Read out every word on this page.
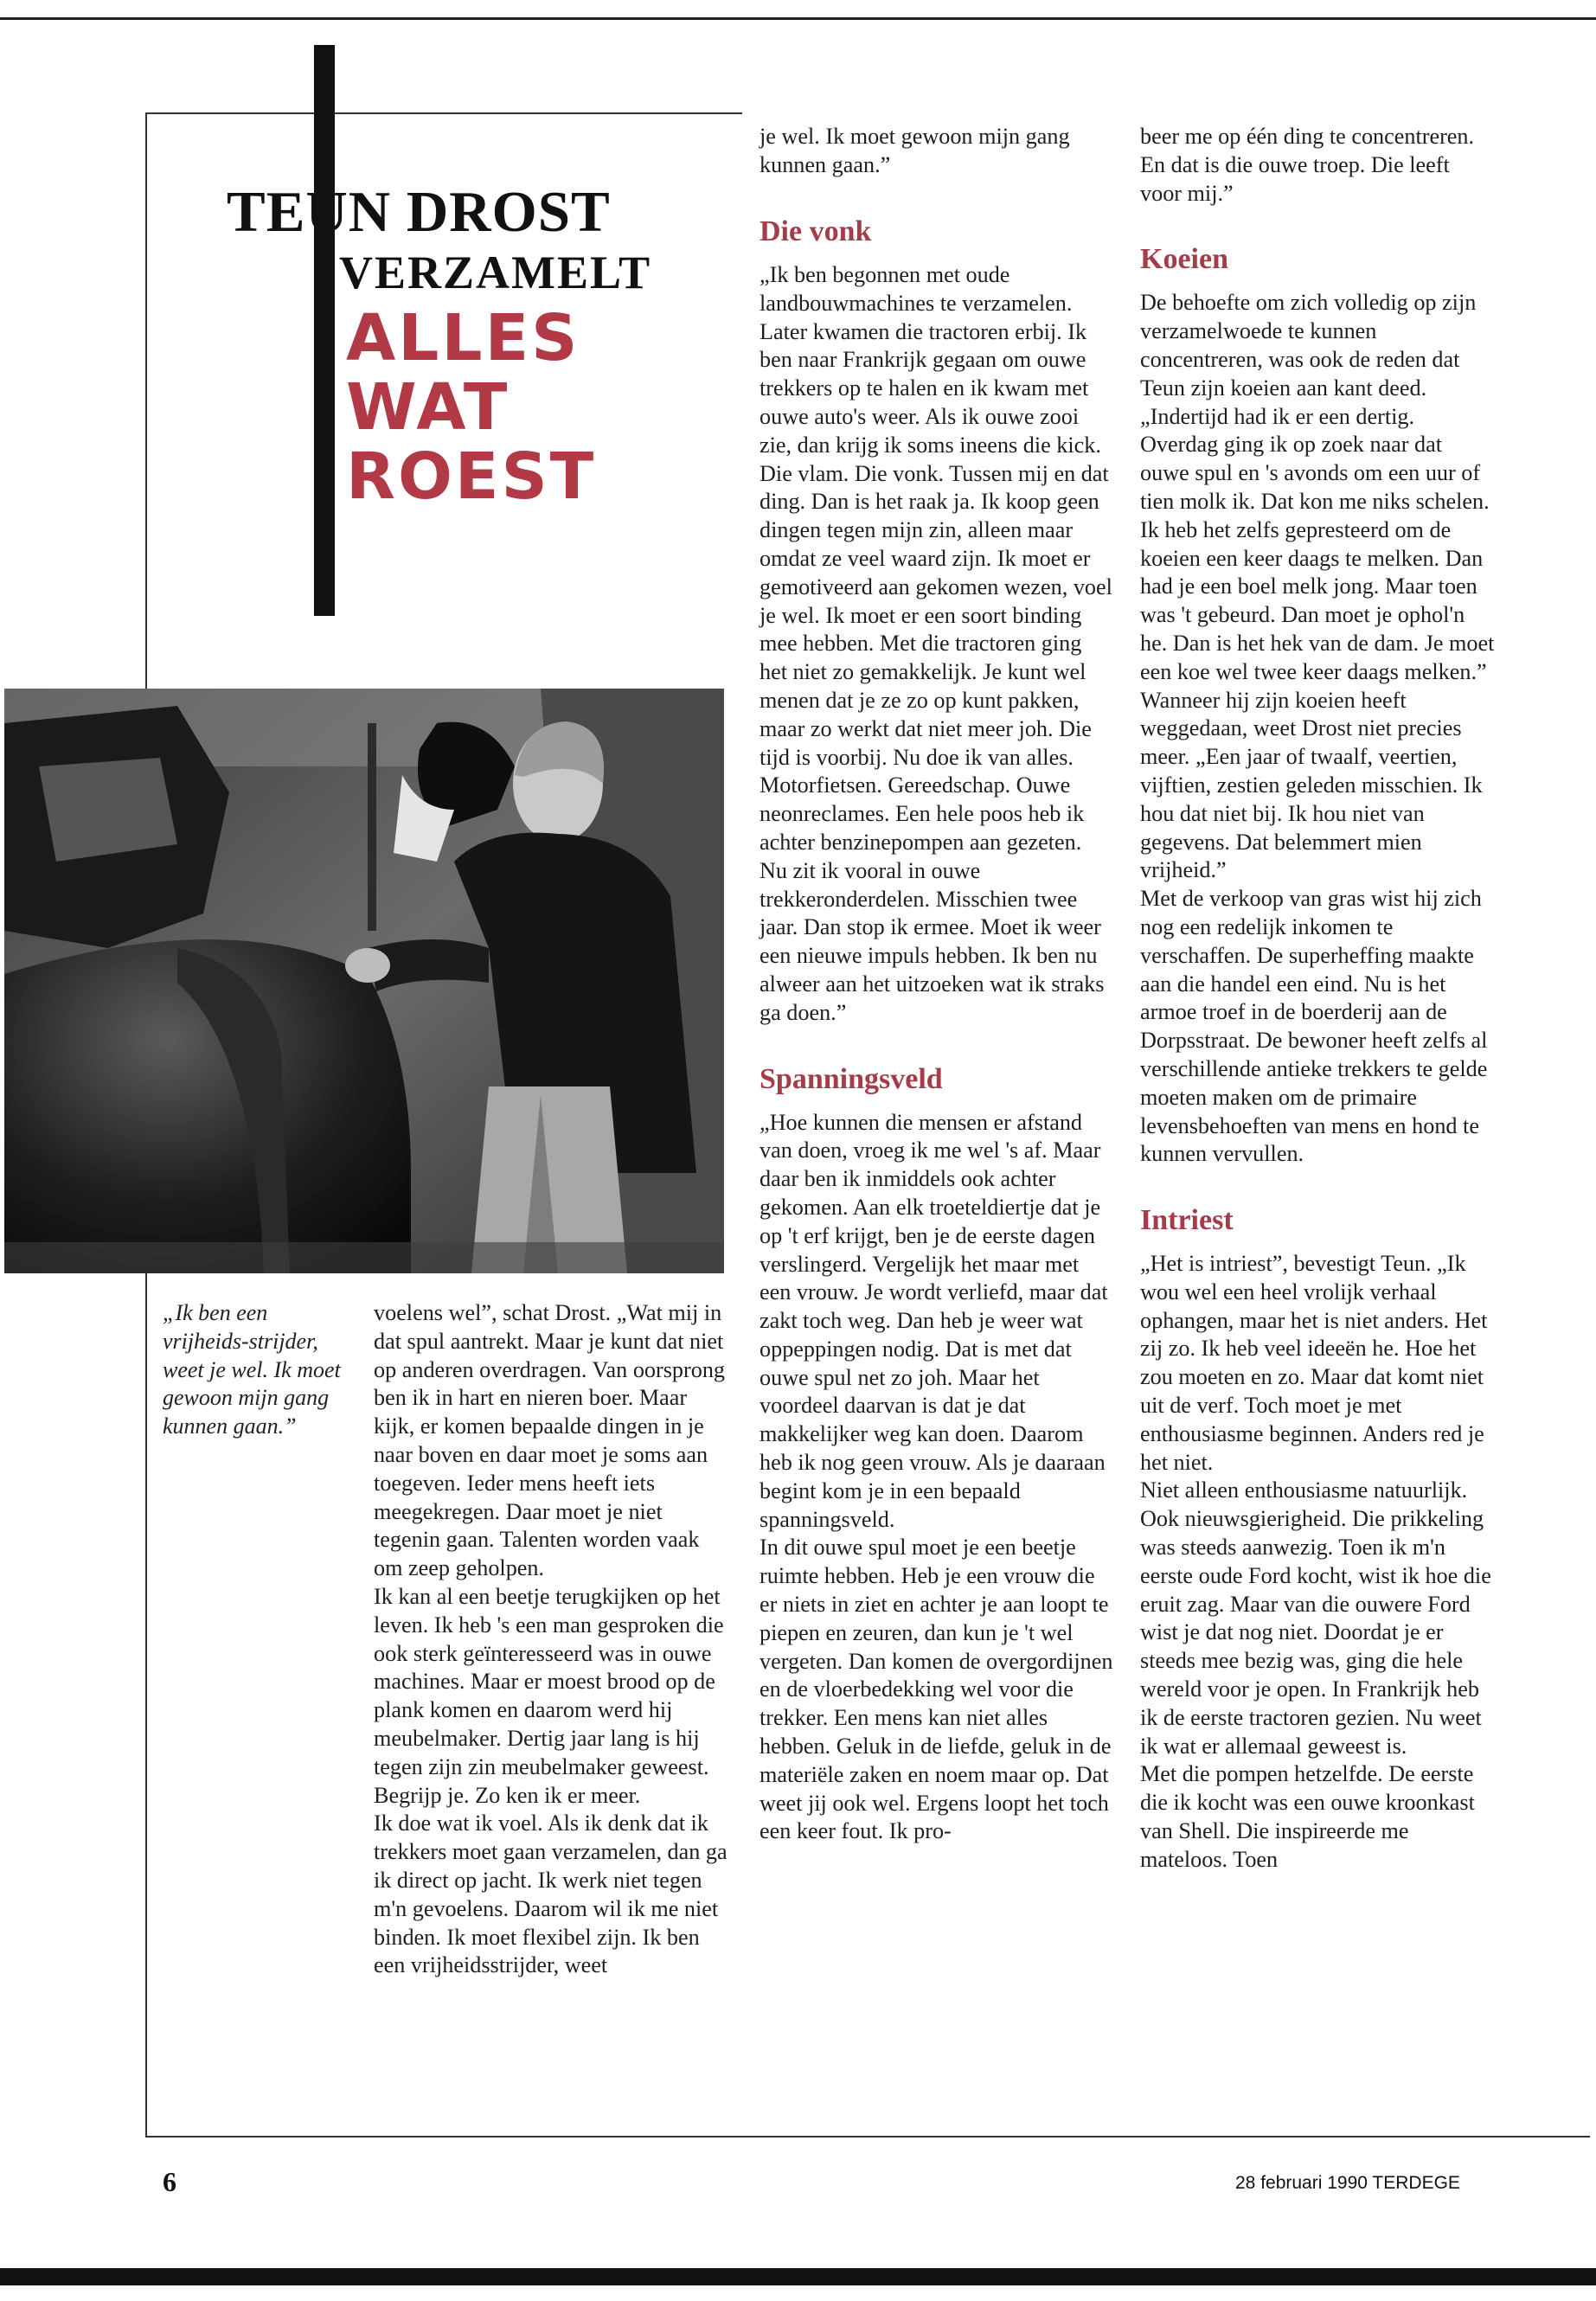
TEUN DROST
VERZAMELT
ALLES
WAT
ROEST
„Ik ben een vrijheids-strijder, weet je wel. Ik moet gewoon mijn gang kunnen gaan.”

je wel. Ik moet gewoon mijn gang kunnen gaan.”

Die vonk

„Ik ben begonnen met oude landbouwmachines te verzamelen. Later kwamen die tractoren erbij. Ik ben naar Frankrijk gegaan om ouwe trekkers op te halen en ik kwam met ouwe auto's weer. Als ik ouwe zooi zie, dan krijg ik soms ineens die kick. Die vlam. Die vonk. Tussen mij en dat ding. Dan is het raak ja. Ik koop geen dingen tegen mijn zin, alleen maar omdat ze veel waard zijn. Ik moet er gemotiveerd aan gekomen wezen, voel je wel. Ik moet er een soort binding mee hebben. Met die tractoren ging het niet zo gemakkelijk. Je kunt wel menen dat je ze zo op kunt pakken, maar zo werkt dat niet meer joh. Die tijd is voorbij. Nu doe ik van alles. Motorfietsen. Gereedschap. Ouwe neonreclames. Een hele poos heb ik achter benzinepompen aan gezeten. Nu zit ik vooral in ouwe trekkeronderdelen. Misschien twee jaar. Dan stop ik ermee. Moet ik weer een nieuwe impuls hebben. Ik ben nu alweer aan het uitzoeken wat ik straks ga doen.”

Spanningsveld

„Hoe kunnen die mensen er afstand van doen, vroeg ik me wel 's af. Maar daar ben ik inmiddels ook achter gekomen. Aan elk troeteldiertje dat je op 't erf krijgt, ben je de eerste dagen verslingerd. Vergelijk het maar met een vrouw. Je wordt verliefd, maar dat zakt toch weg. Dan heb je weer wat oppeppingen nodig. Dat is met dat ouwe spul net zo joh. Maar het voordeel daarvan is dat je dat makkelijker weg kan doen. Daarom heb ik nog geen vrouw. Als je daaraan begint kom je in een bepaald spanningsveld.

In dit ouwe spul moet je een beetje ruimte hebben. Heb je een vrouw die er niets in ziet en achter je aan loopt te piepen en zeuren, dan kun je 't wel vergeten. Dan komen de overgordijnen en de vloerbedekking wel voor die trekker. Een mens kan niet alles hebben. Geluk in de liefde, geluk in de materiële zaken en noem maar op. Dat weet jij ook wel. Ergens loopt het toch een keer fout. Ik pro-

beer me op één ding te concentreren. En dat is die ouwe troep. Die leeft voor mij.”

Koeien

De behoefte om zich volledig op zijn verzamelwoede te kunnen concentreren, was ook de reden dat Teun zijn koeien aan kant deed. „Indertijd had ik er een dertig. Overdag ging ik op zoek naar dat ouwe spul en 's avonds om een uur of tien molk ik. Dat kon me niks schelen. Ik heb het zelfs gepresteerd om de koeien een keer daags te melken. Dan had je een boel melk jong. Maar toen was 't gebeurd. Dan moet je ophol'n he. Dan is het hek van de dam. Je moet een koe wel twee keer daags melken.”

Wanneer hij zijn koeien heeft weggedaan, weet Drost niet precies meer. „Een jaar of twaalf, veertien, vijftien, zestien geleden misschien. Ik hou dat niet bij. Ik hou niet van gegevens. Dat belemmert mien vrijheid.”

Met de verkoop van gras wist hij zich nog een redelijk inkomen te verschaffen. De superheffing maakte aan die handel een eind. Nu is het armoe troef in de boerderij aan de Dorpsstraat. De bewoner heeft zelfs al verschillende antieke trekkers te gelde moeten maken om de primaire levensbehoeften van mens en hond te kunnen vervullen.

Intriest

„Het is intriest”, bevestigt Teun. „Ik wou wel een heel vrolijk verhaal ophangen, maar het is niet anders. Het zij zo. Ik heb veel ideeën he. Hoe het zou moeten en zo. Maar dat komt niet uit de verf. Toch moet je met enthousiasme beginnen. Anders red je het niet.

Niet alleen enthousiasme natuurlijk. Ook nieuwsgierigheid. Die prikkeling was steeds aanwezig. Toen ik m'n eerste oude Ford kocht, wist ik hoe die eruit zag. Maar van die ouwere Ford wist je dat nog niet. Doordat je er steeds mee bezig was, ging die hele wereld voor je open. In Frankrijk heb ik de eerste tractoren gezien. Nu weet ik wat er allemaal geweest is.

Met die pompen hetzelfde. De eerste die ik kocht was een ouwe kroonkast van Shell. Die inspireerde me mateloos. Toen

voelens wel”, schat Drost. „Wat mij in dat spul aantrekt. Maar je kunt dat niet op anderen overdragen. Van oorsprong ben ik in hart en nieren boer. Maar kijk, er komen bepaalde dingen in je naar boven en daar moet je soms aan toegeven. Ieder mens heeft iets meegekregen. Daar moet je niet tegenin gaan. Talenten worden vaak om zeep geholpen.

Ik kan al een beetje terugkijken op het leven. Ik heb 's een man gesproken die ook sterk geïnteresseerd was in ouwe machines. Maar er moest brood op de plank komen en daarom werd hij meubelmaker. Dertig jaar lang is hij tegen zijn zin meubelmaker geweest. Begrijp je. Zo ken ik er meer.

Ik doe wat ik voel. Als ik denk dat ik trekkers moet gaan verzamelen, dan ga ik direct op jacht. Ik werk niet tegen m'n gevoelens. Daarom wil ik me niet binden. Ik moet flexibel zijn. Ik ben een vrijheidsstrijder, weet

6	28 februari 1990 TERDEGE
